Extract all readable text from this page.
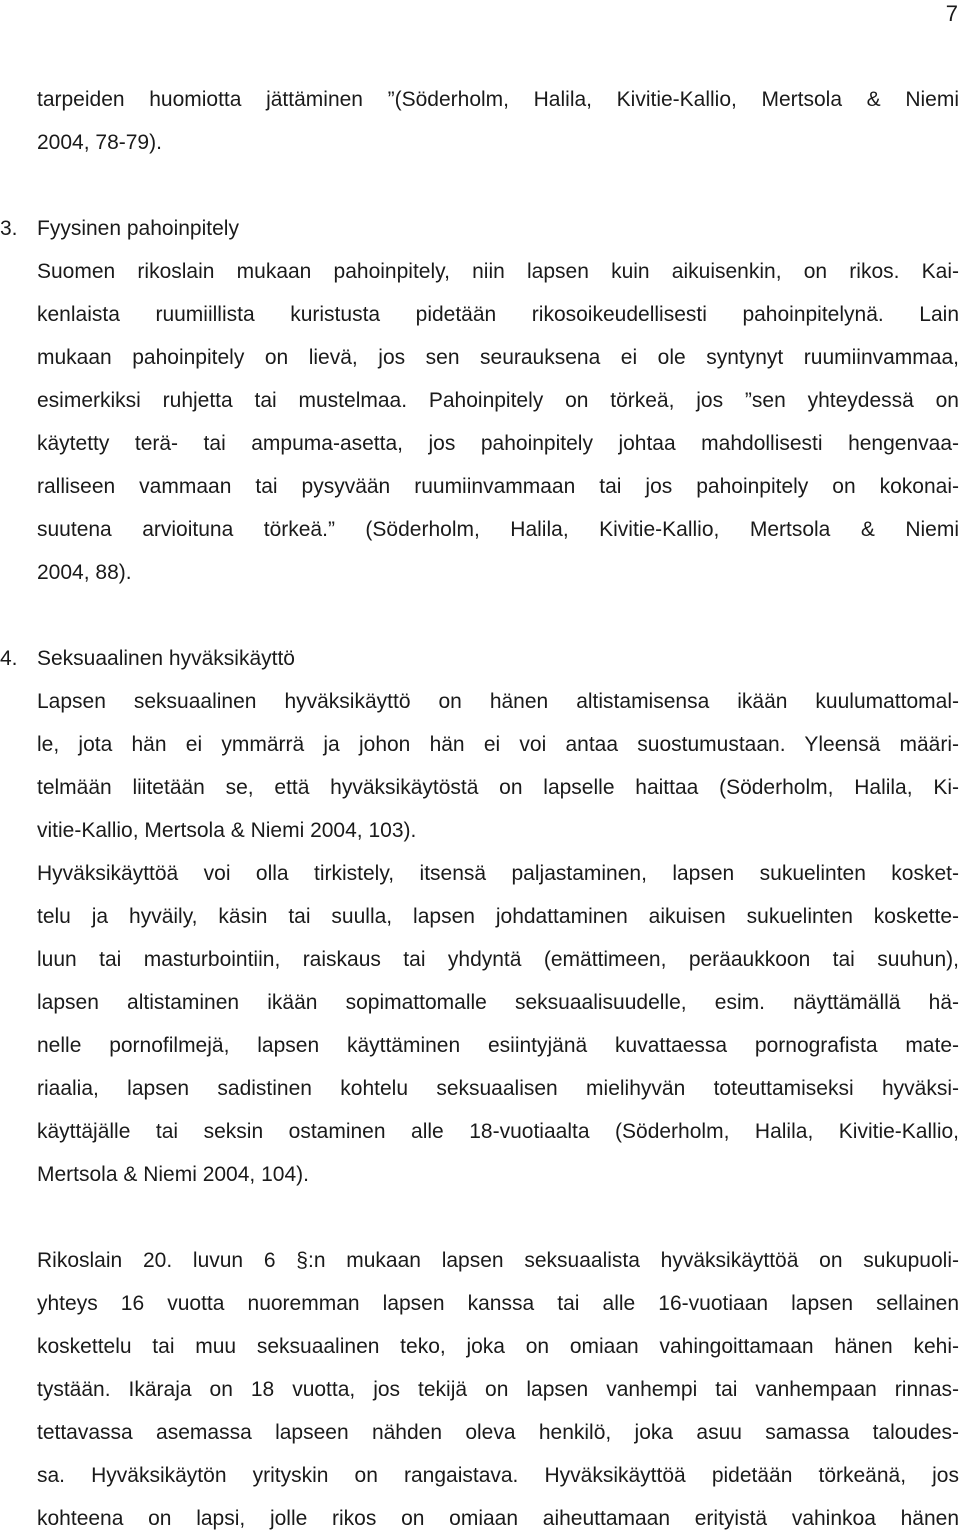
7

tarpeiden huomiotta jättäminen ”(Söderholm, Halila, Kivitie-Kallio, Mertsola & Niemi

2004, 78-79).

3. Fyysinen pahoinpitely

Suomen rikoslain mukaan pahoinpitely, niin lapsen kuin aikuisenkin, on rikos. Kai-

kenlaista ruumiillista kuristusta pidetään rikosoikeudellisesti pahoinpitelynä. Lain

mukaan pahoinpitely on lievä, jos sen seurauksena ei ole syntynyt ruumiinvammaa,

esimerkiksi ruhjetta tai mustelmaa. Pahoinpitely on törkeä, jos ”sen yhteydessä on

käytetty terä- tai ampuma-asetta, jos pahoinpitely johtaa mahdollisesti hengenvaa-

ralliseen vammaan tai pysyvään ruumiinvammaan tai jos pahoinpitely on kokonai-

suutena arvioituna törkeä.” (Söderholm, Halila, Kivitie-Kallio, Mertsola & Niemi

2004, 88).

4. Seksuaalinen hyväksikäyttö

Lapsen seksuaalinen hyväksikäyttö on hänen altistamisensa ikään kuulumattomal-

le, jota hän ei ymmärrä ja johon hän ei voi antaa suostumustaan. Yleensä määri-

telmään liitetään se, että hyväksikäytöstä on lapselle haittaa (Söderholm, Halila, Ki-

vitie-Kallio, Mertsola & Niemi 2004, 103).

Hyväksikäyttöä voi olla tirkistely, itsensä paljastaminen, lapsen sukuelinten kosket-

telu ja hyväily, käsin tai suulla, lapsen johdattaminen aikuisen sukuelinten koskette-

luun tai masturbointiin, raiskaus tai yhdyntä (emättimeen, peräaukkoon tai suuhun),

lapsen altistaminen ikään sopimattomalle seksuaalisuudelle, esim. näyttämällä hä-

nelle pornofilmejä, lapsen käyttäminen esiintyjänä kuvattaessa pornografista mate-

riaalia, lapsen sadistinen kohtelu seksuaalisen mielihyvän toteuttamiseksi hyväksi-

käyttäjälle tai seksin ostaminen alle 18-vuotiaalta (Söderholm, Halila, Kivitie-Kallio,

Mertsola & Niemi 2004, 104).

Rikoslain 20. luvun 6 §:n mukaan lapsen seksuaalista hyväksikäyttöä on sukupuoli-

yhteys 16 vuotta nuoremman lapsen kanssa tai alle 16-vuotiaan lapsen sellainen

koskettelu tai muu seksuaalinen teko, joka on omiaan vahingoittamaan hänen kehi-

tystään. Ikäraja on 18 vuotta, jos tekijä on lapsen vanhempi tai vanhempaan rinnas-

tettavassa asemassa lapseen nähden oleva henkilö, joka asuu samassa taloudes-

sa. Hyväksikäytön yrityskin on rangaistava. Hyväksikäyttöä pidetään törkeänä, jos

kohteena on lapsi, jolle rikos on omiaan aiheuttamaan erityistä vahinkoa hänen
